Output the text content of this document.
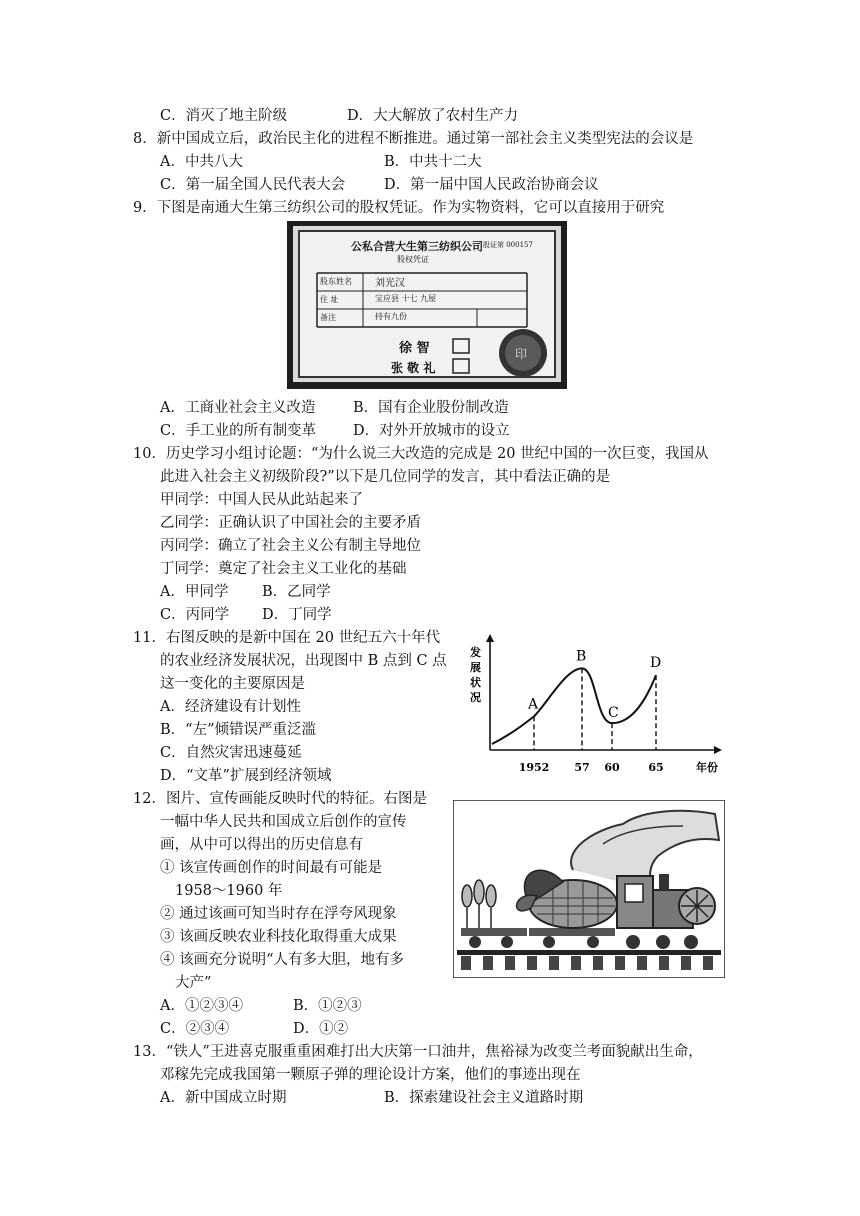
C．消灭了地主阶级	D．大大解放了农村生产力
8．新中国成立后，政治民主化的进程不断推进。通过第一部社会主义类型宪法的会议是
A．中共八大	B．中共十二大
C．第一届全国人民代表大会	D．第一届中国人民政治协商会议
9．下图是南通大生第三纺织公司的股权凭证。作为实物资料，它可以直接用于研究
公私合营大生第三纺织公司 股证第 000157
股权凭证
股东姓名 刘光汉
住 址	宝应县 十七 九屋
备注	持有九份
徐 智
张 敬 礼
印
A．工商业社会主义改造	B．国有企业股份制改造
C．手工业的所有制变革	D．对外开放城市的设立
10．历史学习小组讨论题：“为什么说三大改造的完成是 20 世纪中国的一次巨变，我国从
此进入社会主义初级阶段?”以下是几位同学的发言，其中看法正确的是
甲同学：中国人民从此站起来了
乙同学：正确认识了中国社会的主要矛盾
丙同学：确立了社会主义公有制主导地位
丁同学：奠定了社会主义工业化的基础
A．甲同学 B．乙同学
C．丙同学 D．丁同学
11．右图反映的是新中国在 20 世纪五六十年代
的农业经济发展状况，出现图中 B 点到 C 点
这一变化的主要原因是
A．经济建设有计划性
B．“左”倾错误严重泛滥
C．自然灾害迅速蔓延
D．“文革”扩展到经济领域
发
展
状
况	A
B
C
D
1952 57 60	65	年份
12．图片、宣传画能反映时代的特征。右图是
一幅中华人民共和国成立后创作的宣传
画，从中可以得出的历史信息有
① 该宣传画创作的时间最有可能是
1958～1960 年
② 通过该画可知当时存在浮夸风现象
③ 该画反映农业科技化取得重大成果
④ 该画充分说明“人有多大胆，地有多
大产”
A．①②③④	B．①②③
C．②③④	D．①②
13．“铁人”王进喜克服重重困难打出大庆第一口油井，焦裕禄为改变兰考面貌献出生命，
邓稼先完成我国第一颗原子弹的理论设计方案，他们的事迹出现在
A．新中国成立时期	B．探索建设社会主义道路时期
